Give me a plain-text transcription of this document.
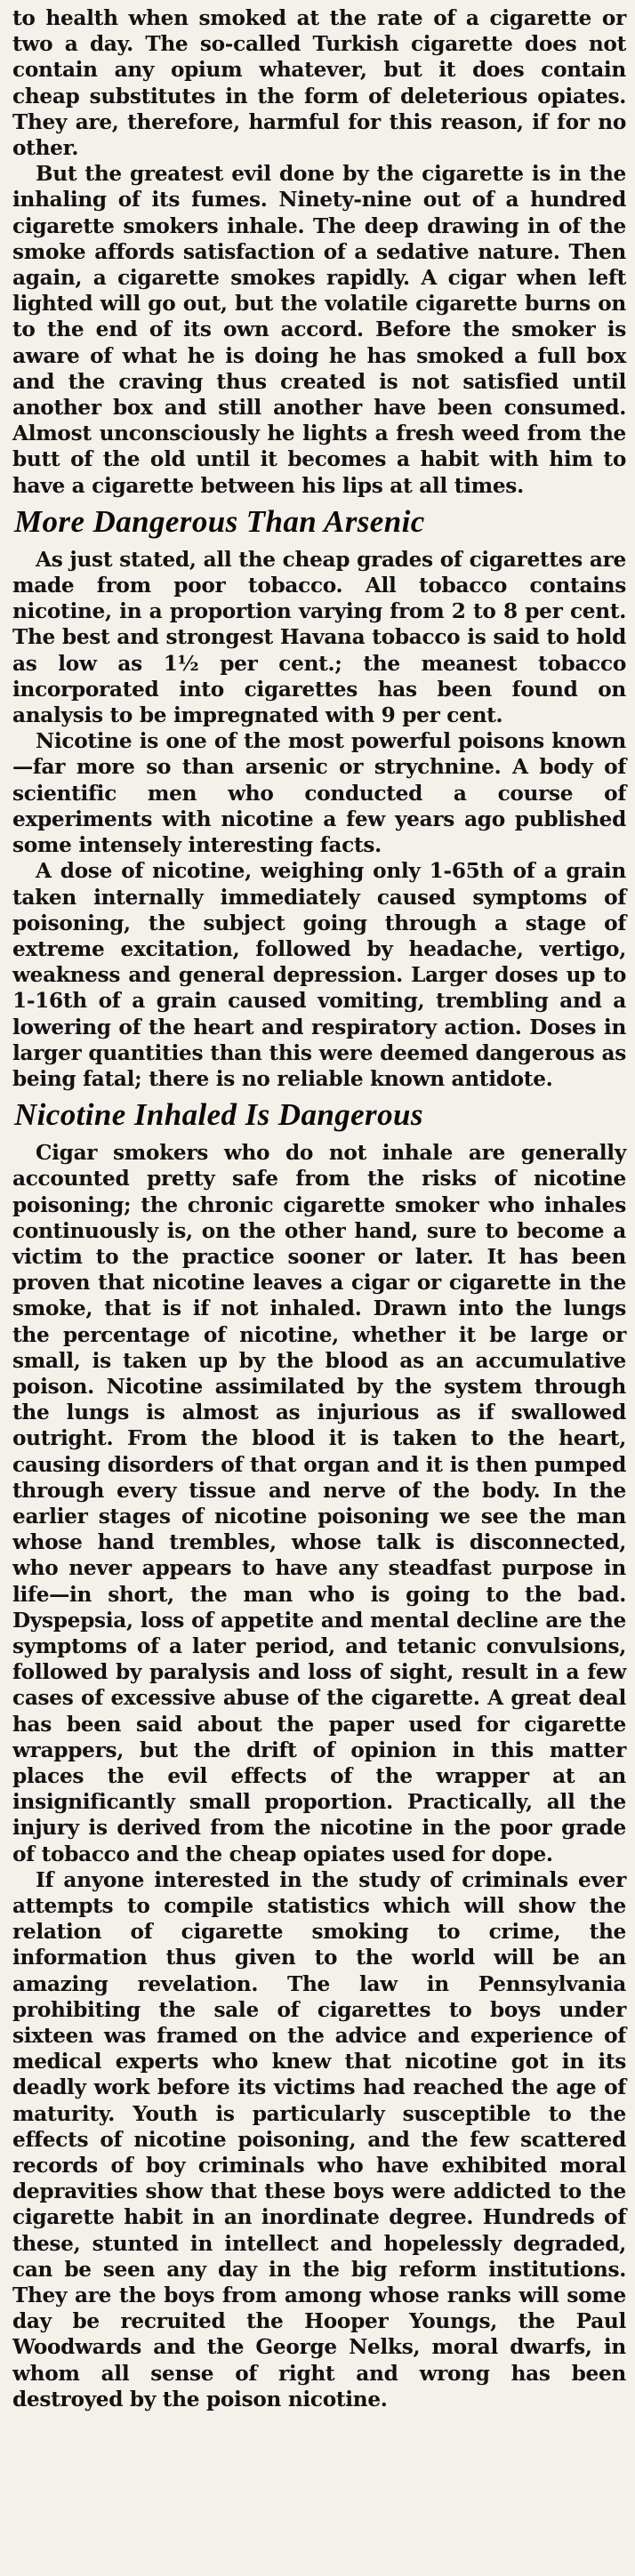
to health when smoked at the rate of a cigarette or two a day. The so-called Turkish cigarette does not contain any opium whatever, but it does contain cheap substitutes in the form of deleterious opiates. They are, therefore, harmful for this reason, if for no other.

But the greatest evil done by the cigarette is in the inhaling of its fumes. Ninety-nine out of a hundred cigarette smokers inhale. The deep drawing in of the smoke affords satisfaction of a sedative nature. Then again, a cigarette smokes rapidly. A cigar when left lighted will go out, but the volatile cigarette burns on to the end of its own accord. Before the smoker is aware of what he is doing he has smoked a full box and the craving thus created is not satisfied until another box and still another have been consumed. Almost unconsciously he lights a fresh weed from the butt of the old until it becomes a habit with him to have a cigarette between his lips at all times.

More Dangerous Than Arsenic

As just stated, all the cheap grades of cigarettes are made from poor tobacco. All tobacco contains nicotine, in a proportion varying from 2 to 8 per cent. The best and strongest Havana tobacco is said to hold as low as 1½ per cent.; the meanest tobacco incorporated into cigarettes has been found on analysis to be impregnated with 9 per cent.

Nicotine is one of the most powerful poisons known—far more so than arsenic or strychnine. A body of scientific men who conducted a course of experiments with nicotine a few years ago published some intensely interesting facts.

A dose of nicotine, weighing only 1-65th of a grain taken internally immediately caused symptoms of poisoning, the subject going through a stage of extreme excitation, followed by headache, vertigo, weakness and general depression. Larger doses up to 1-16th of a grain caused vomiting, trembling and a lowering of the heart and respiratory action. Doses in larger quantities than this were deemed dangerous as being fatal; there is no reliable known antidote.

Nicotine Inhaled Is Dangerous

Cigar smokers who do not inhale are generally accounted pretty safe from the risks of nicotine poisoning; the chronic cigarette smoker who inhales continuously is, on the other hand, sure to become a victim to the practice sooner or later. It has been proven that nicotine leaves a cigar or cigarette in the smoke, that is if not inhaled. Drawn into the lungs the percentage of nicotine, whether it be large or small, is taken up by the blood as an accumulative poison. Nicotine assimilated by the system through the lungs is almost as injurious as if swallowed outright. From the blood it is taken to the heart, causing disorders of that organ and it is then pumped through every tissue and nerve of the body. In the earlier stages of nicotine poisoning we see the man whose hand trembles, whose talk is disconnected, who never appears to have any steadfast purpose in life—in short, the man who is going to the bad. Dyspepsia, loss of appetite and mental decline are the symptoms of a later period, and tetanic convulsions, followed by paralysis and loss of sight, result in a few cases of excessive abuse of the cigarette. A great deal has been said about the paper used for cigarette wrappers, but the drift of opinion in this matter places the evil effects of the wrapper at an insignificantly small proportion. Practically, all the injury is derived from the nicotine in the poor grade of tobacco and the cheap opiates used for dope.

If anyone interested in the study of criminals ever attempts to compile statistics which will show the relation of cigarette smoking to crime, the information thus given to the world will be an amazing revelation. The law in Pennsylvania prohibiting the sale of cigarettes to boys under sixteen was framed on the advice and experience of medical experts who knew that nicotine got in its deadly work before its victims had reached the age of maturity. Youth is particularly susceptible to the effects of nicotine poisoning, and the few scattered records of boy criminals who have exhibited moral depravities show that these boys were addicted to the cigarette habit in an inordinate degree. Hundreds of these, stunted in intellect and hopelessly degraded, can be seen any day in the big reform institutions. They are the boys from among whose ranks will some day be recruited the Hooper Youngs, the Paul Woodwards and the George Nelks, moral dwarfs, in whom all sense of right and wrong has been destroyed by the poison nicotine.
